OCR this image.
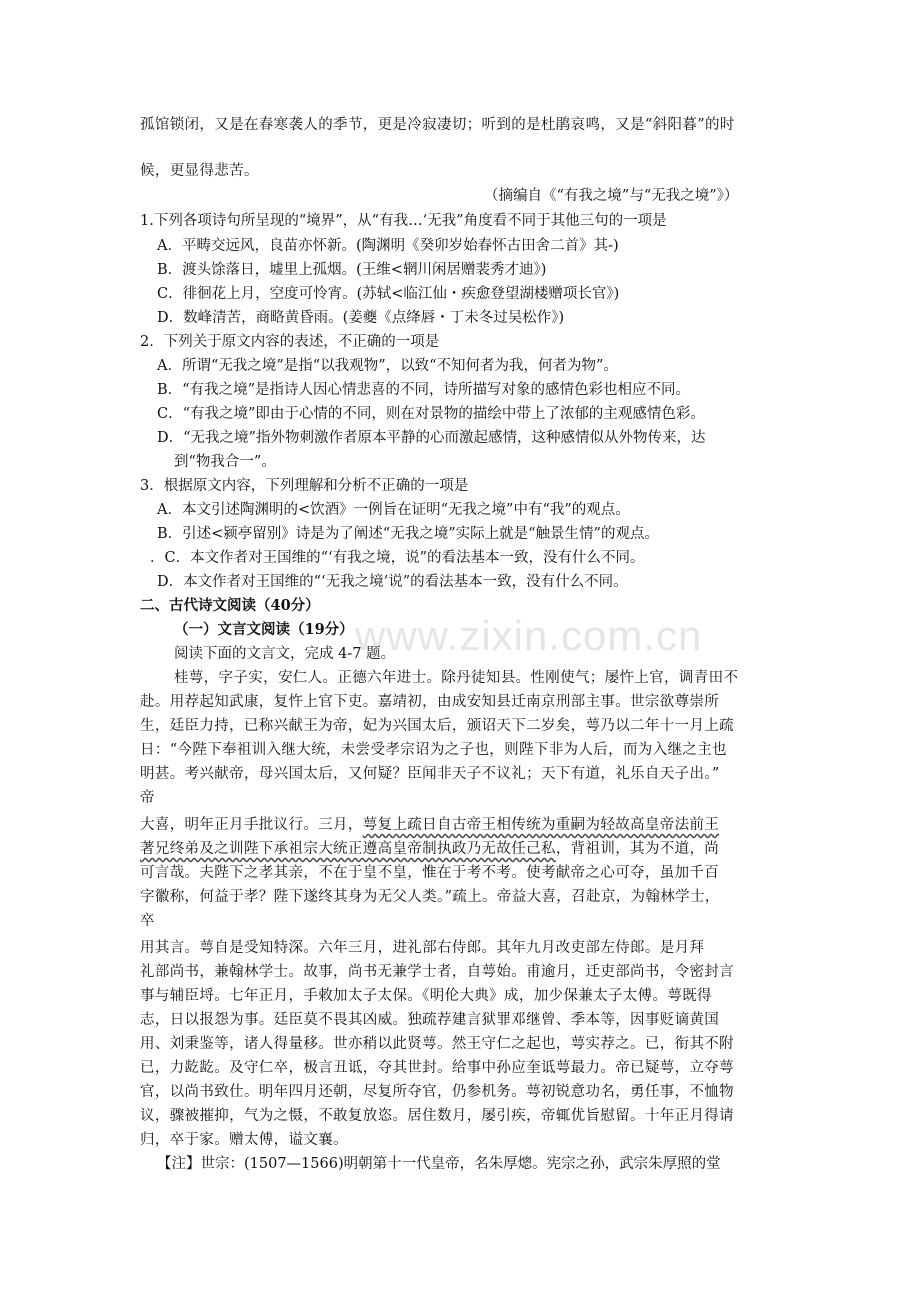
孤馆锁闭，又是在春寒袭人的季节，更是冷寂凄切；听到的是杜鹃哀鸣，又是“斜阳暮”的时
候，更显得悲苦。
（摘编自《“有我之境”与“无我之境”》）
1.下列各项诗句所呈现的“境界”，从“有我…‘无我”角度看不同于其他三句的一项是
A．平畴交远风，良苗亦怀新。(陶渊明《癸卯岁始春怀古田舍二首》其-)
B．渡头馀落日，墟里上孤烟。(王维<辋川闲居赠裴秀才迪》)
C．徘徊花上月，空度可怜宵。(苏轼<临江仙・疾愈登望湖楼赠项长官》)
D．数峰清苦，商略黄昏雨。(姜夔《点绛唇・丁未冬过吴松作》)
2．下列关于原文内容的表述，不正确的一项是
A．所谓“无我之境”是指“以我观物”，以致“不知何者为我，何者为物”。
B．“有我之境”是指诗人因心情悲喜的不同，诗所描写对象的感情色彩也相应不同。
C．“有我之境”即由于心情的不同，则在对景物的描绘中带上了浓郁的主观感情色彩。
D．“无我之境”指外物刺激作者原本平静的心而激起感情，这种感情似从外物传来，达
到“物我合一”。
3．根据原文内容，下列理解和分析不正确的一项是
A．本文引述陶渊明的<饮酒》一例旨在证明“无我之境”中有“我”的观点。
B．引述<颍亭留别》诗是为了阐述“无我之境”实际上就是“触景生情”的观点。
．C．本文作者对王国维的“‘有我之境，说”的看法基本一致，没有什么不同。
D．本文作者对王国维的“‘无我之境’说”的看法基本一致，没有什么不同。
二、古代诗文阅读（40分）
（一）文言文阅读（19分）
阅读下面的文言文，完成 4-7 题。
桂萼，字子实，安仁人。正德六年进士。除丹徒知县。性刚使气；屡忤上官，调青田不
赴。用荐起知武康，复忤上官下吏。嘉靖初，由成安知县迁南京刑部主事。世宗欲尊崇所
生，廷臣力持，已称兴献王为帝，妃为兴国太后，颁诏天下二岁矣，萼乃以二年十一月上疏
日：“今陛下奉祖训入继大统，未尝受孝宗诏为之子也，则陛下非为人后，而为入继之主也
明甚。考兴献帝，母兴国太后，又何疑？臣闻非天子不议礼；天下有道，礼乐自天子出。”
帝
大喜，明年正月手批议行。三月，萼复上疏日自古帝王相传统为重嗣为轻故高皇帝法前王
著兄终弟及之训陛下承祖宗大统正遵高皇帝制执政乃无故任己私，背祖训，其为不道，尚
可言哉。夫陛下之孝其亲，不在于皇不皇，惟在于考不考。使考献帝之心可夺，虽加千百
字徽称，何益于孝？陛下遂终其身为无父人类。”疏上。帝益大喜，召赴京，为翰林学士，
卒
用其言。萼自是受知特深。六年三月，进礼部右侍郎。其年九月改吏部左侍郎。是月拜
礼部尚书，兼翰林学士。故事，尚书无兼学士者，自萼始。甫逾月，迁吏部尚书，令密封言
事与辅臣埒。七年正月，手敕加太子太保。《明伦大典》成，加少保兼太子太傅。萼既得
志，日以报怨为事。廷臣莫不畏其凶威。独疏荐建言狱罪邓继曾、季本等，因事贬谪黄国
用、刘秉鉴等，诸人得量移。世亦稍以此贤萼。然王守仁之起也，萼实荐之。已，衔其不附
已，力龁龁。及守仁卒，极言丑诋，夺其世封。给事中孙应奎诋萼最力。帝已疑萼，立夺萼
官，以尚书致仕。明年四月还朝，尽复所夺官，仍参机务。萼初锐意功名，勇任事，不恤物
议，骤被摧抑，气为之慑，不敢复放恣。居住数月，屡引疾，帝辄优旨慰留。十年正月得请
归，卒于家。赠太傅，谥文襄。
【注】世宗：(1507—1566)明朝第十一代皇帝，名朱厚熜。宪宗之孙，武宗朱厚照的堂
www.zixin.com.cn
